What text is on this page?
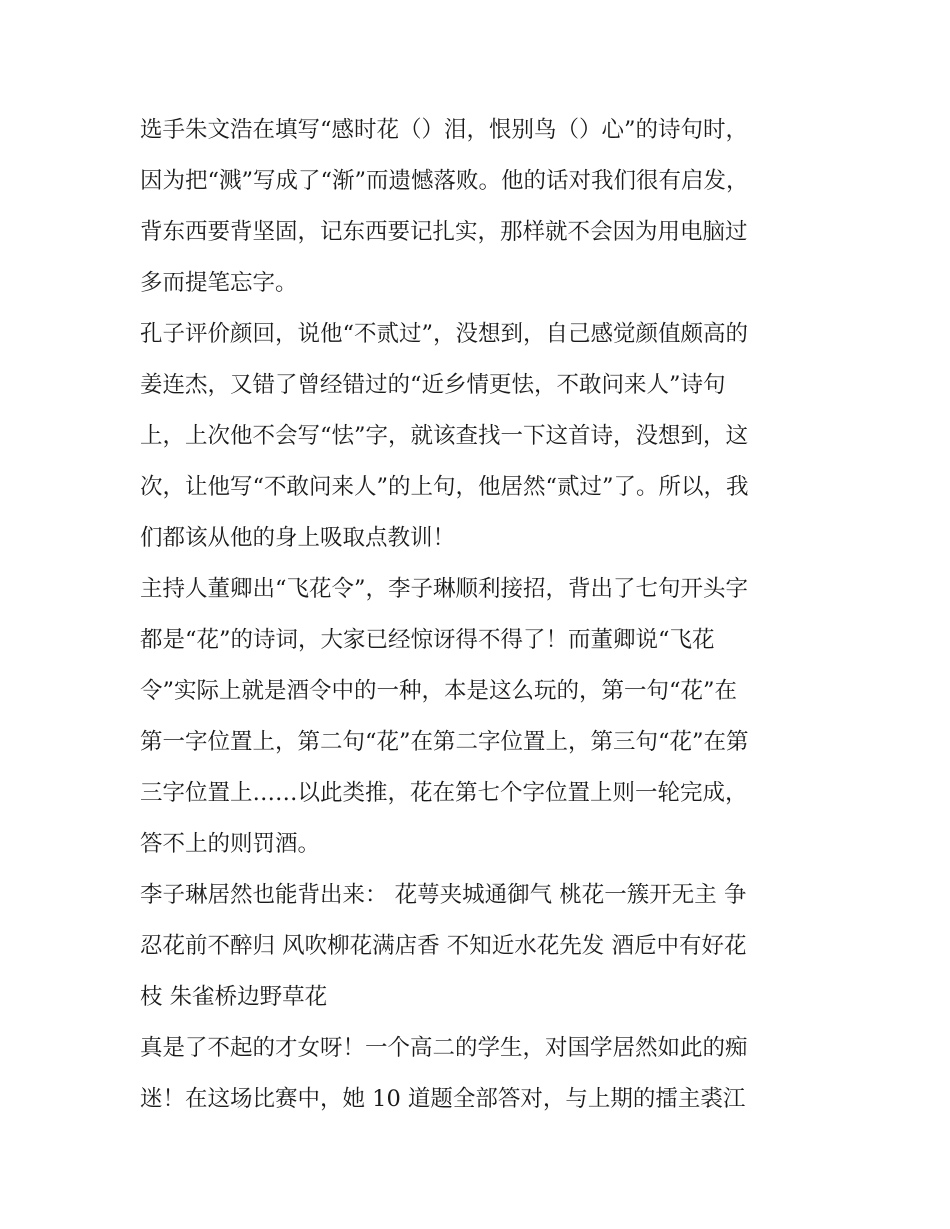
选手朱文浩在填写“感时花（）泪，恨别鸟（）心”的诗句时，
因为把“溅”写成了“渐”而遗憾落败。他的话对我们很有启发，
背东西要背坚固，记东西要记扎实，那样就不会因为用电脑过
多而提笔忘字。
孔子评价颜回，说他“不贰过”，没想到，自己感觉颜值颇高的
姜连杰，又错了曾经错过的“近乡情更怯，不敢问来人”诗句
上，上次他不会写“怯”字，就该查找一下这首诗，没想到，这
次，让他写“不敢问来人”的上句，他居然“贰过”了。所以，我
们都该从他的身上吸取点教训！
主持人董卿出“飞花令”，李子琳顺利接招，背出了七句开头字
都是“花”的诗词，大家已经惊讶得不得了！而董卿说“飞花
令”实际上就是酒令中的一种，本是这么玩的，第一句“花”在
第一字位置上，第二句“花”在第二字位置上，第三句“花”在第
三字位置上……以此类推，花在第七个字位置上则一轮完成，
答不上的则罚酒。
李子琳居然也能背出来： 花萼夹城通御气 桃花一簇开无主 争
忍花前不醉归 风吹柳花满店香 不知近水花先发 酒卮中有好花
枝 朱雀桥边野草花
真是了不起的才女呀！一个高二的学生，对国学居然如此的痴
迷！在这场比赛中，她 10 道题全部答对，与上期的擂主裘江
